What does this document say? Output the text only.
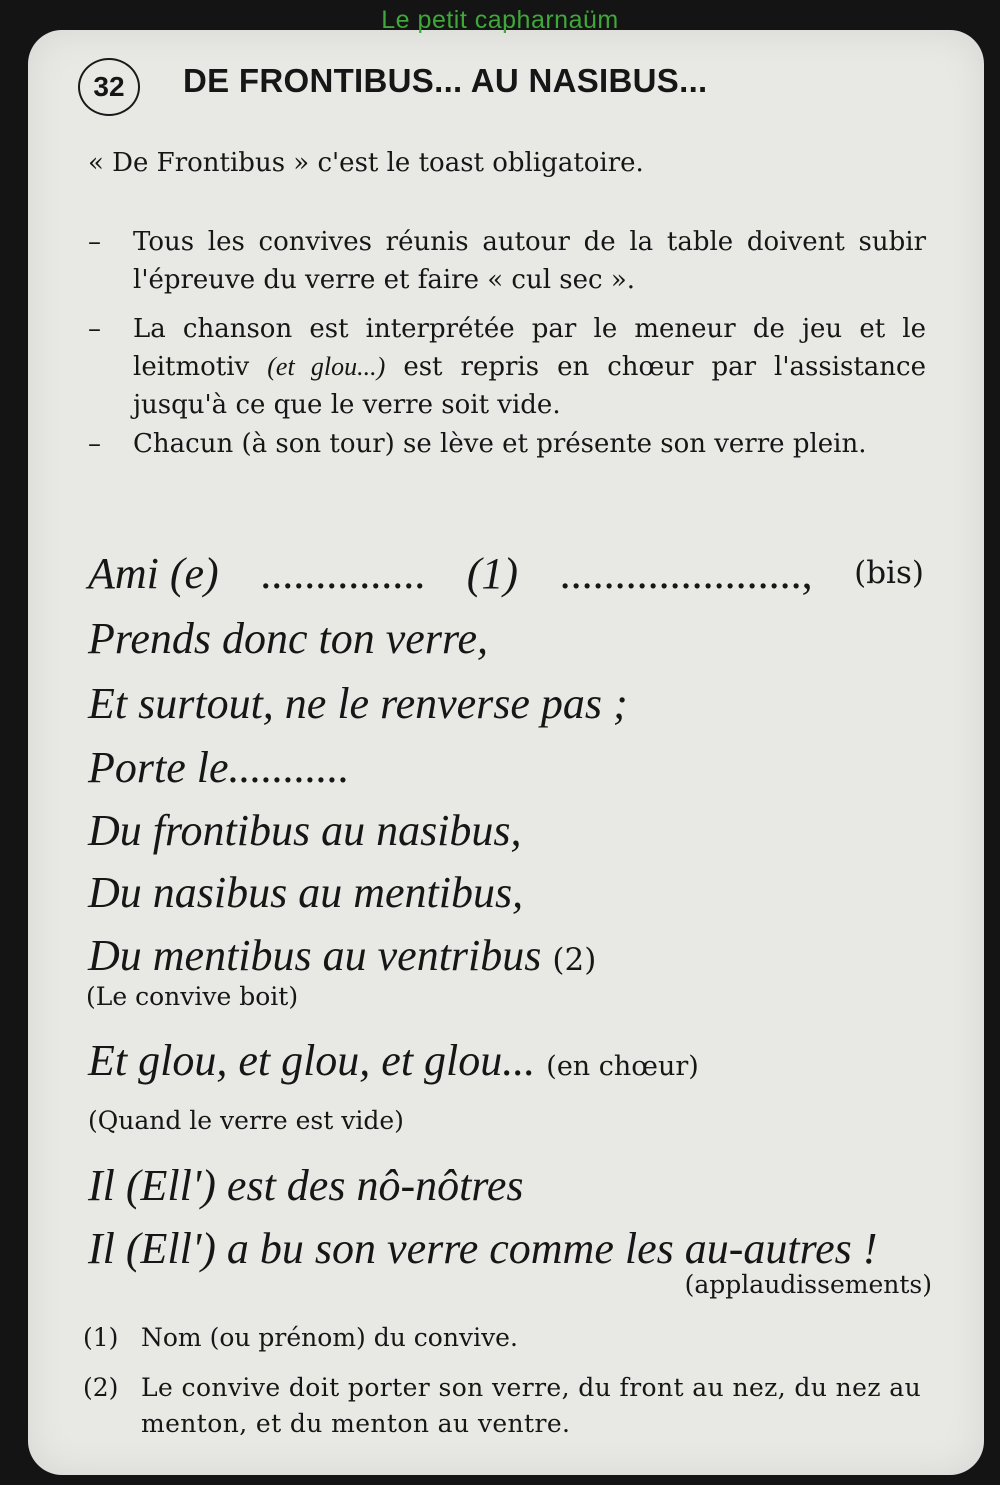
Le petit capharnaüm
32	DE FRONTIBUS... AU NASIBUS...

« De Frontibus » c'est le toast obligatoire.

–	Tous les convives réunis autour de la table doivent subir l'épreuve du verre et faire « cul sec ».
–	La chanson est interprétée par le meneur de jeu et le leitmotiv (et glou...) est repris en chœur par l'assistance jusqu'à ce que le verre soit vide.
–	Chacun (à son tour) se lève et présente son verre plein.
Ami (e) ............... (1) ......................, (bis)

Prends donc ton verre,

Et surtout, ne le renverse pas ;

Porte le...........

Du frontibus au nasibus,

Du nasibus au mentibus,

Du mentibus au ventribus (2)

(Le convive boit)

Et glou, et glou, et glou... (en chœur)

(Quand le verre est vide)

Il (Ell') est des nô-nôtres

Il (Ell') a bu son verre comme les au-autres !

(applaudissements)

(1) Nom (ou prénom) du convive.
(2) Le convive doit porter son verre, du front au nez, du nez au menton, et du menton au ventre.
